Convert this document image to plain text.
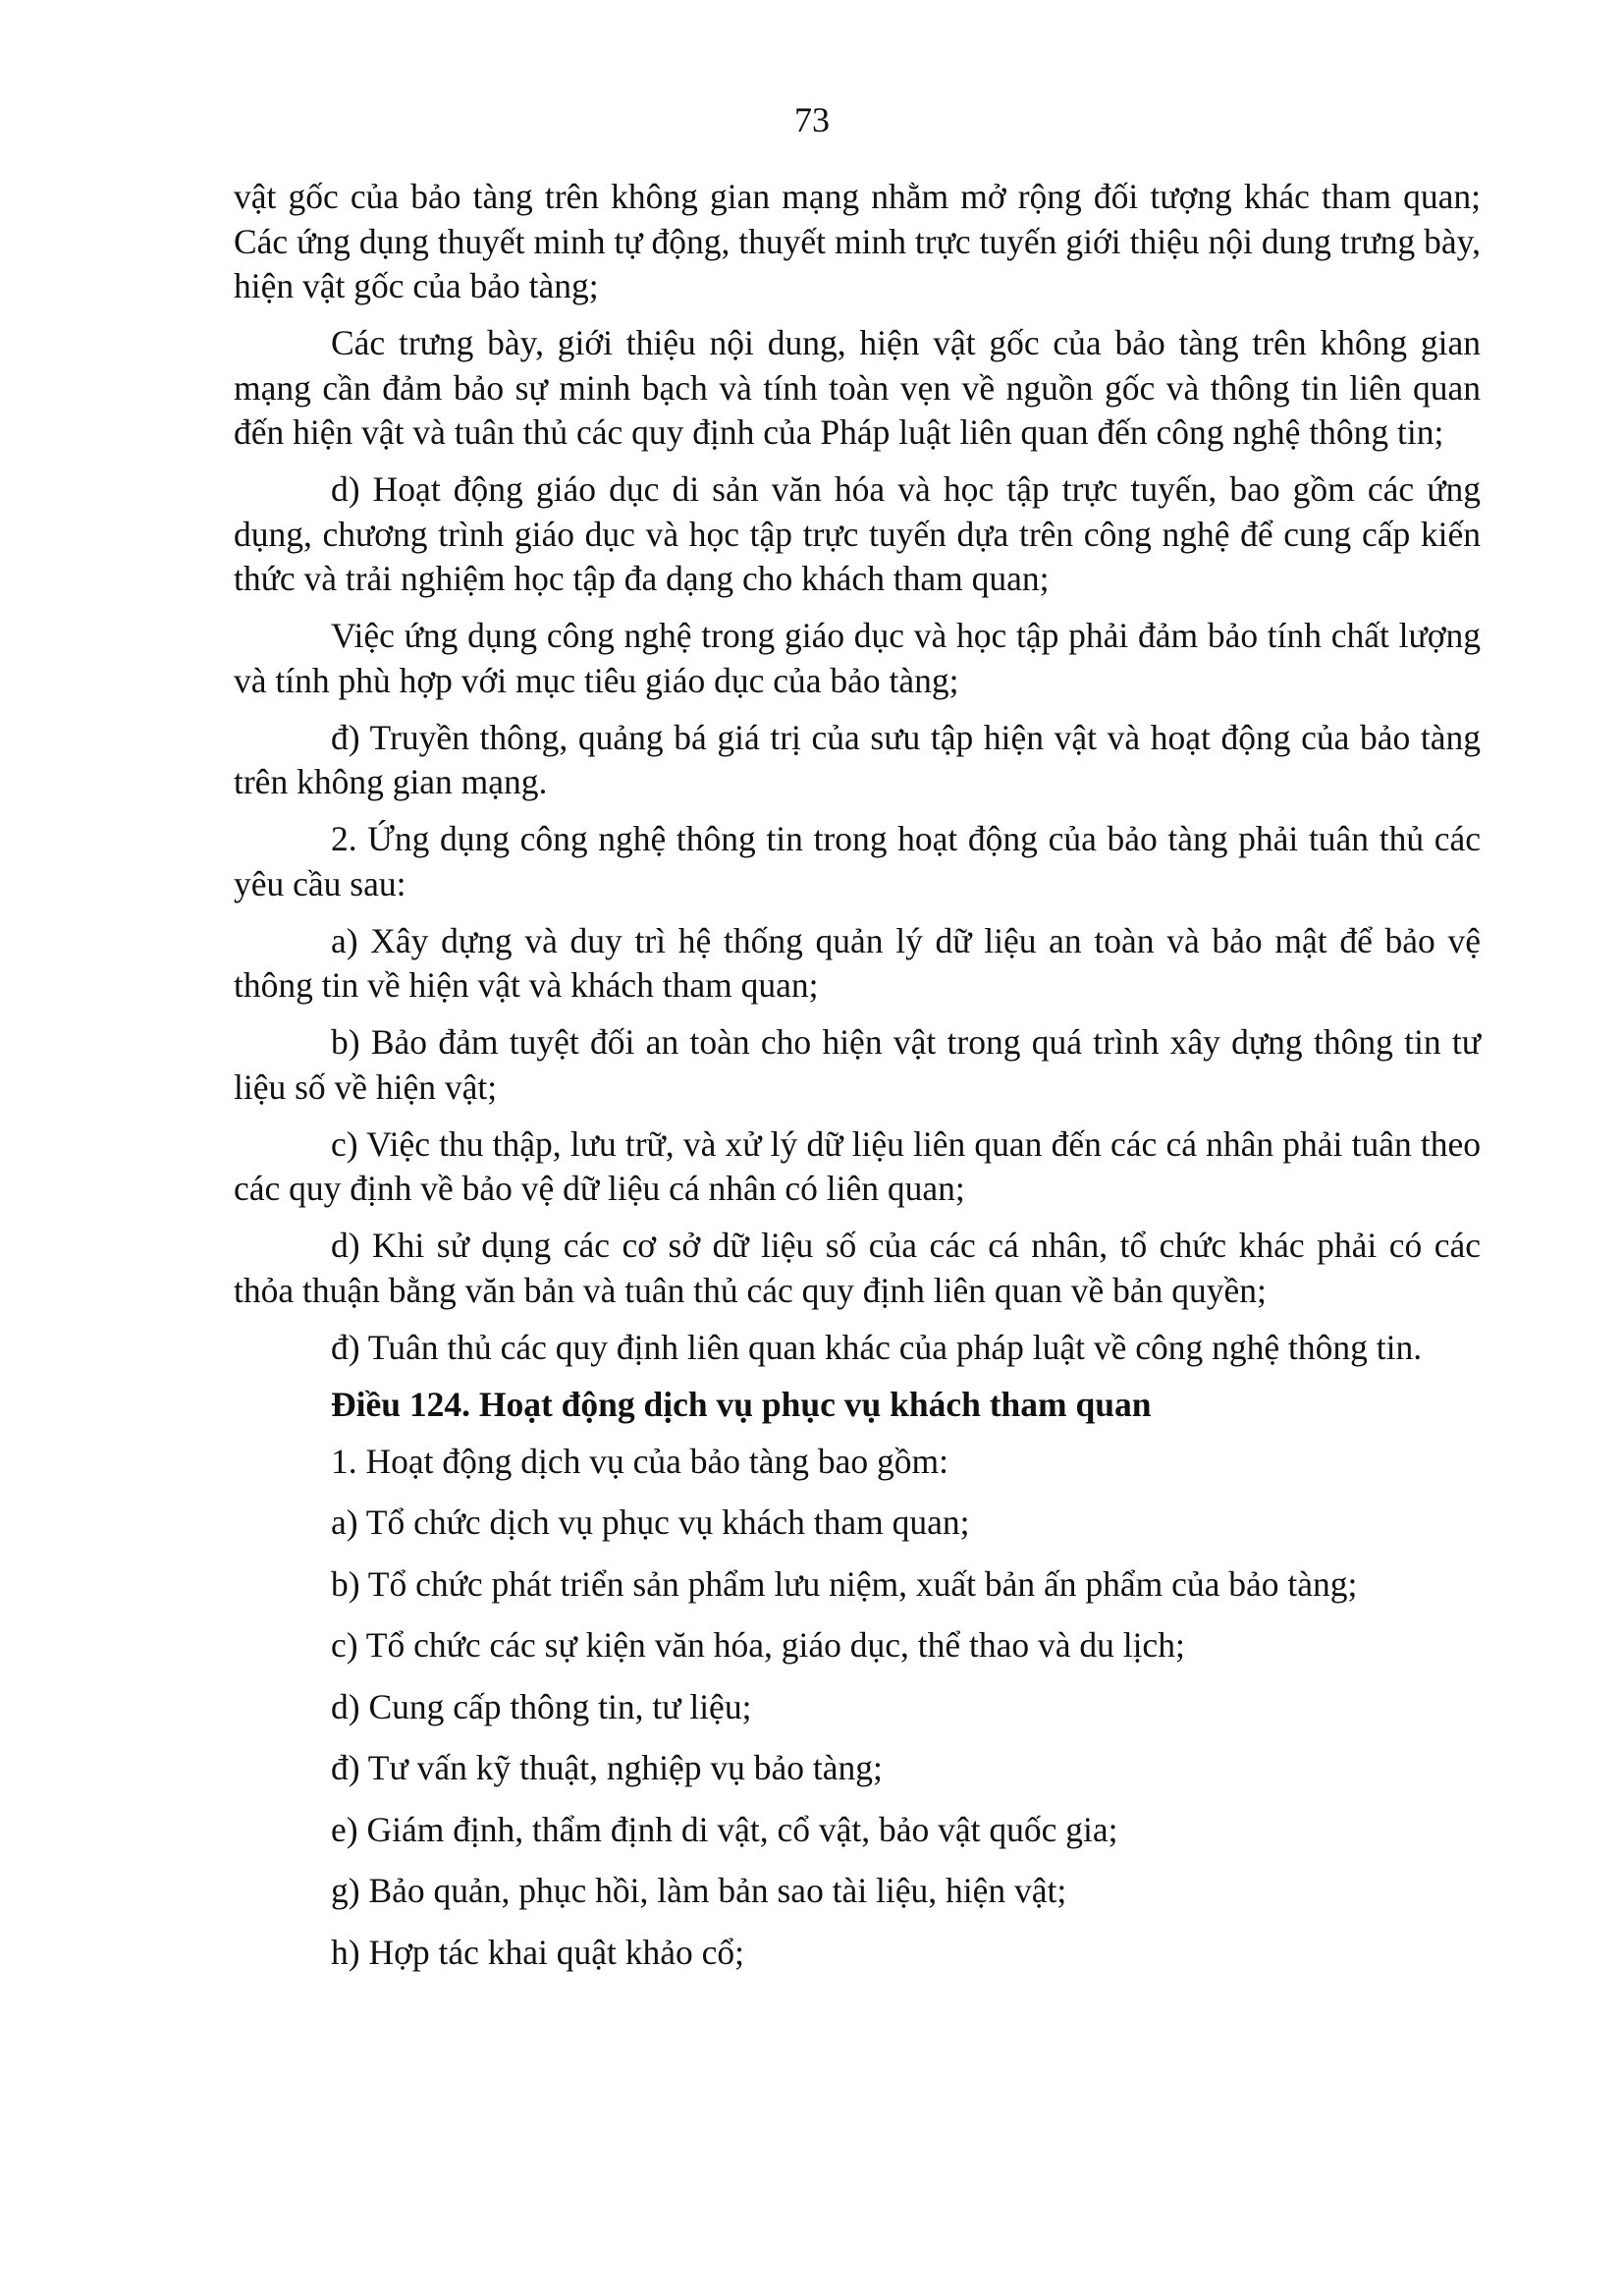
73

vật gốc của bảo tàng trên không gian mạng nhằm mở rộng đối tượng khác tham quan; Các ứng dụng thuyết minh tự động, thuyết minh trực tuyến giới thiệu nội dung trưng bày, hiện vật gốc của bảo tàng;

Các trưng bày, giới thiệu nội dung, hiện vật gốc của bảo tàng trên không gian mạng cần đảm bảo sự minh bạch và tính toàn vẹn về nguồn gốc và thông tin liên quan đến hiện vật và tuân thủ các quy định của Pháp luật liên quan đến công nghệ thông tin;

d) Hoạt động giáo dục di sản văn hóa và học tập trực tuyến, bao gồm các ứng dụng, chương trình giáo dục và học tập trực tuyến dựa trên công nghệ để cung cấp kiến thức và trải nghiệm học tập đa dạng cho khách tham quan;

Việc ứng dụng công nghệ trong giáo dục và học tập phải đảm bảo tính chất lượng và tính phù hợp với mục tiêu giáo dục của bảo tàng;

đ) Truyền thông, quảng bá giá trị của sưu tập hiện vật và hoạt động của bảo tàng trên không gian mạng.

2. Ứng dụng công nghệ thông tin trong hoạt động của bảo tàng phải tuân thủ các yêu cầu sau:

a) Xây dựng và duy trì hệ thống quản lý dữ liệu an toàn và bảo mật để bảo vệ thông tin về hiện vật và khách tham quan;

b) Bảo đảm tuyệt đối an toàn cho hiện vật trong quá trình xây dựng thông tin tư liệu số về hiện vật;

c) Việc thu thập, lưu trữ, và xử lý dữ liệu liên quan đến các cá nhân phải tuân theo các quy định về bảo vệ dữ liệu cá nhân có liên quan;

d) Khi sử dụng các cơ sở dữ liệu số của các cá nhân, tổ chức khác phải có các thỏa thuận bằng văn bản và tuân thủ các quy định liên quan về bản quyền;

đ) Tuân thủ các quy định liên quan khác của pháp luật về công nghệ thông tin.

Điều 124. Hoạt động dịch vụ phục vụ khách tham quan

1. Hoạt động dịch vụ của bảo tàng bao gồm:

a) Tổ chức dịch vụ phục vụ khách tham quan;

b) Tổ chức phát triển sản phẩm lưu niệm, xuất bản ấn phẩm của bảo tàng;

c) Tổ chức các sự kiện văn hóa, giáo dục, thể thao và du lịch;

d) Cung cấp thông tin, tư liệu;

đ) Tư vấn kỹ thuật, nghiệp vụ bảo tàng;

e) Giám định, thẩm định di vật, cổ vật, bảo vật quốc gia;

g) Bảo quản, phục hồi, làm bản sao tài liệu, hiện vật;

h) Hợp tác khai quật khảo cổ;
